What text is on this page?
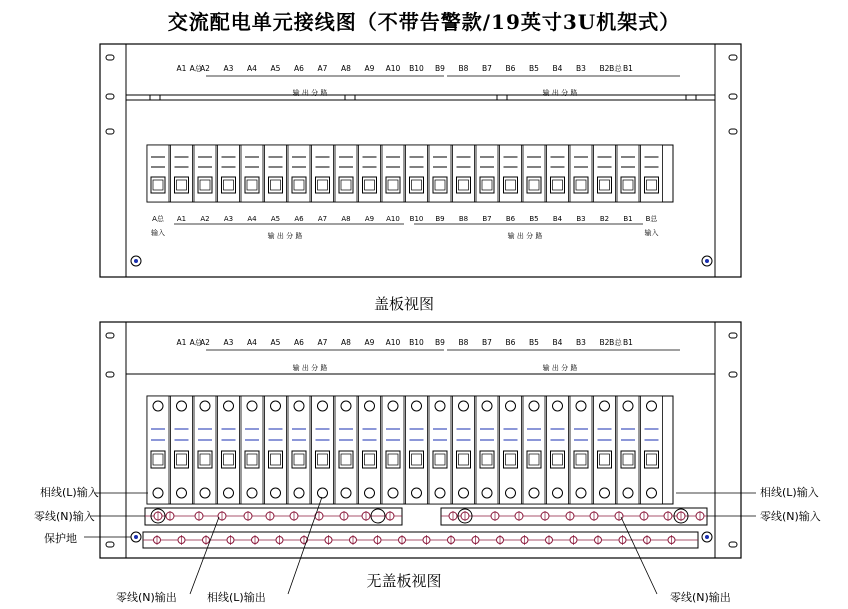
交流配电单元接线图（不带告警款/19英寸3U机架式）
A总
A1 A2 A3 A4 A5 A6 A7 A8 A9 A10 B10 B9 B8 B7 B6 B5 B4 B3 B2 B1
B总
输 出 分 路	输 出 分 路
A总 A1 A2 A3 A4 A5 A6 A7 A8 A9 A10 B10 B9 B8 B7 B6 B5 B4 B3 B2 B1 B总
输入	输入
输 出 分 路	输 出 分 路
A总
A1 A2 A3 A4 A5 A6 A7 A8 A9 A10 B10 B9 B8 B7 B6 B5 B4 B3 B2 B1
B总
输 出 分 路	输 出 分 路
盖板视图
无盖板视图
相线(L)输入
零线(N)输入
保护地
相线(L)输入
零线(N)输入
零线(N)输出	相线(L)输出	零线(N)输出
